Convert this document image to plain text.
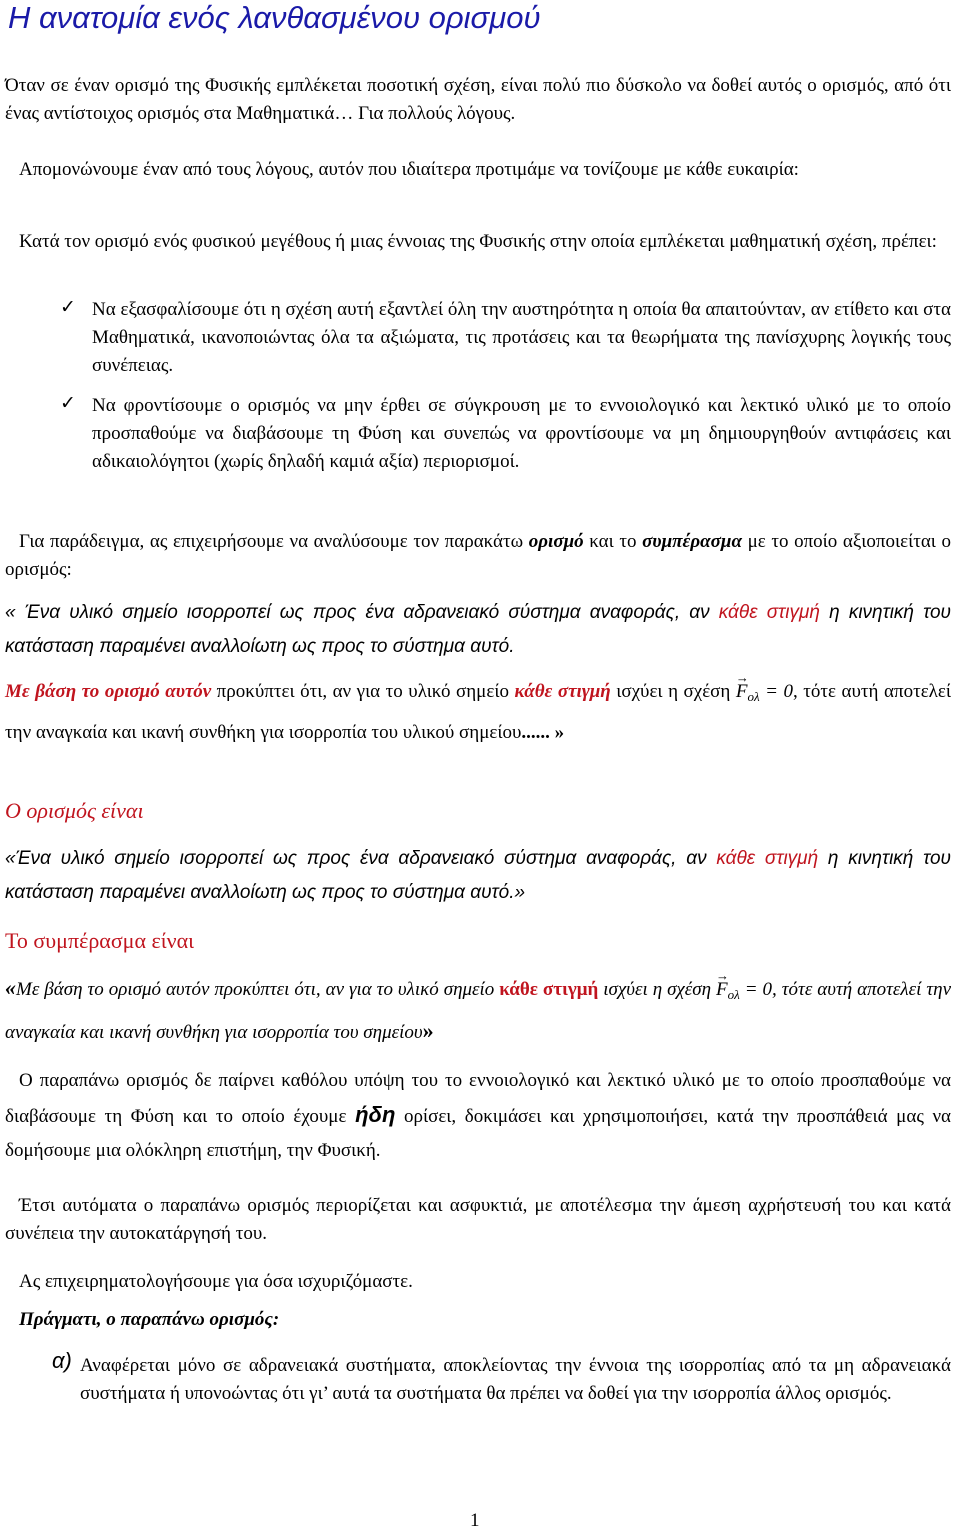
Η ανατομία ενός λανθασμένου ορισμού

Όταν σε έναν ορισμό της Φυσικής εμπλέκεται ποσοτική σχέση, είναι πολύ πιο δύσκολο να δοθεί αυτός ο ορισμός, από ότι ένας αντίστοιχος ορισμός στα Μαθηματικά… Για πολλούς λόγους.

Απομονώνουμε έναν από τους λόγους, αυτόν που ιδιαίτερα προτιμάμε να τονίζουμε με κάθε ευκαιρία:

Κατά τον ορισμό ενός φυσικού μεγέθους ή μιας έννοιας της Φυσικής στην οποία εμπλέκεται μαθηματική σχέση, πρέπει:

✓ Να εξασφαλίσουμε ότι η σχέση αυτή εξαντλεί όλη την αυστηρότητα η οποία θα απαιτούνταν, αν ετίθετο και στα Μαθηματικά, ικανοποιώντας όλα τα αξιώματα, τις προτάσεις και τα θεωρήματα της πανίσχυρης λογικής τους συνέπειας.

✓ Να φροντίσουμε ο ορισμός να μην έρθει σε σύγκρουση με το εννοιολογικό και λεκτικό υλικό με το οποίο προσπαθούμε να διαβάσουμε τη Φύση και συνεπώς να φροντίσουμε να μη δημιουργηθούν αντιφάσεις και αδικαιολόγητοι (χωρίς δηλαδή καμιά αξία) περιορισμοί.

Για παράδειγμα, ας επιχειρήσουμε να αναλύσουμε τον παρακάτω ορισμό και το συμπέρασμα με το οποίο αξιοποιείται ο ορισμός:

« Ένα υλικό σημείο ισορροπεί ως προς ένα αδρανειακό σύστημα αναφοράς, αν κάθε στιγμή η κινητική του κατάσταση παραμένει αναλλοίωτη ως προς το σύστημα αυτό.

Με βάση το ορισμό αυτόν προκύπτει ότι, αν για το υλικό σημείο κάθε στιγμή ισχύει η σχέση
→
$F_{o\lambda} = 0$, τότε αυτή αποτελεί την αναγκαία και ικανή συνθήκη για ισορροπία του υλικού σημείου...... »

Ο ορισμός είναι

«Ένα υλικό σημείο ισορροπεί ως προς ένα αδρανειακό σύστημα αναφοράς, αν κάθε στιγμή η κινητική του κατάσταση παραμένει αναλλοίωτη ως προς το σύστημα αυτό.»

Το συμπέρασμα είναι

«Με βάση το ορισμό αυτόν προκύπτει ότι, αν για το υλικό σημείο κάθε στιγμή ισχύει η σχέση
→
$F_{o\lambda} = 0$, τότε αυτή αποτελεί την αναγκαία και ικανή συνθήκη για ισορροπία του σημείου»

Ο παραπάνω ορισμός δε παίρνει καθόλου υπόψη του το εννοιολογικό και λεκτικό υλικό με το οποίο προσπαθούμε να διαβάσουμε τη Φύση και το οποίο έχουμε ήδη ορίσει, δοκιμάσει και χρησιμοποιήσει, κατά την προσπάθειά μας να δομήσουμε μια ολόκληρη επιστήμη, την Φυσική.

Έτσι αυτόματα ο παραπάνω ορισμός περιορίζεται και ασφυκτιά, με αποτέλεσμα την άμεση αχρήστευσή του και κατά συνέπεια την αυτοκατάργησή του.

Ας επιχειρηματολογήσουμε για όσα ισχυριζόμαστε.

Πράγματι, ο παραπάνω ορισμός:

α) Αναφέρεται μόνο σε αδρανειακά συστήματα, αποκλείοντας την έννοια της ισορροπίας από τα μη αδρανειακά συστήματα ή υπονοώντας ότι γι’ αυτά τα συστήματα θα πρέπει να δοθεί για την ισορροπία άλλος ορισμός.

1
